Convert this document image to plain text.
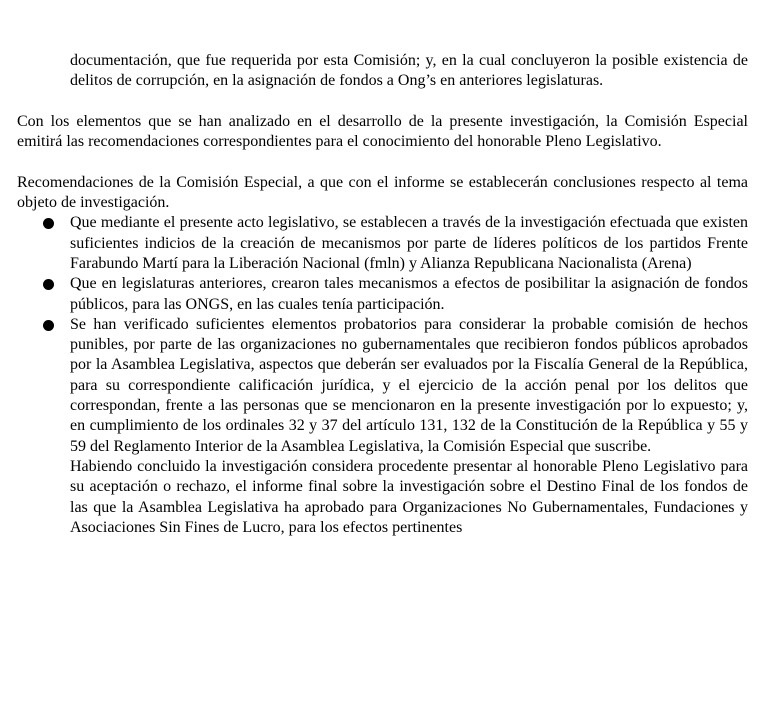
documentación, que fue requerida por esta Comisión; y, en la cual concluyeron la posible existencia de delitos de corrupción, en la asignación de fondos a Ong’s en anteriores legislaturas.

Con los elementos que se han analizado en el desarrollo de la presente investigación, la Comisión Especial emitirá las recomendaciones correspondientes para el conocimiento del honorable Pleno Legislativo.

Recomendaciones de la Comisión Especial, a que con el informe se establecerán conclusiones respecto al tema objeto de investigación.

Que mediante el presente acto legislativo, se establecen a través de la investigación efectuada que existen suficientes indicios de la creación de mecanismos por parte de líderes políticos de los partidos Frente Farabundo Martí para la Liberación Nacional (fmln) y Alianza Republicana Nacionalista (Arena)
Que en legislaturas anteriores, crearon tales mecanismos a efectos de posibilitar la asignación de fondos públicos, para las ONGS, en las cuales tenía participación.
Se han verificado suficientes elementos probatorios para considerar la probable comisión de hechos punibles, por parte de las organizaciones no gubernamentales que recibieron fondos públicos aprobados por la Asamblea Legislativa, aspectos que deberán ser evaluados por la Fiscalía General de la República, para su correspondiente calificación jurídica, y el ejercicio de la acción penal por los delitos que correspondan, frente a las personas que se mencionaron en la presente investigación por lo expuesto; y, en cumplimiento de los ordinales 32 y 37 del artículo 131, 132 de la Constitución de la República y 55 y 59 del Reglamento Interior de la Asamblea Legislativa, la Comisión Especial que suscribe.

Habiendo concluido la investigación considera procedente presentar al honorable Pleno Legislativo para su aceptación o rechazo, el informe final sobre la investigación sobre el Destino Final de los fondos de las que la Asamblea Legislativa ha aprobado para Organizaciones No Gubernamentales, Fundaciones y Asociaciones Sin Fines de Lucro, para los efectos pertinentes
